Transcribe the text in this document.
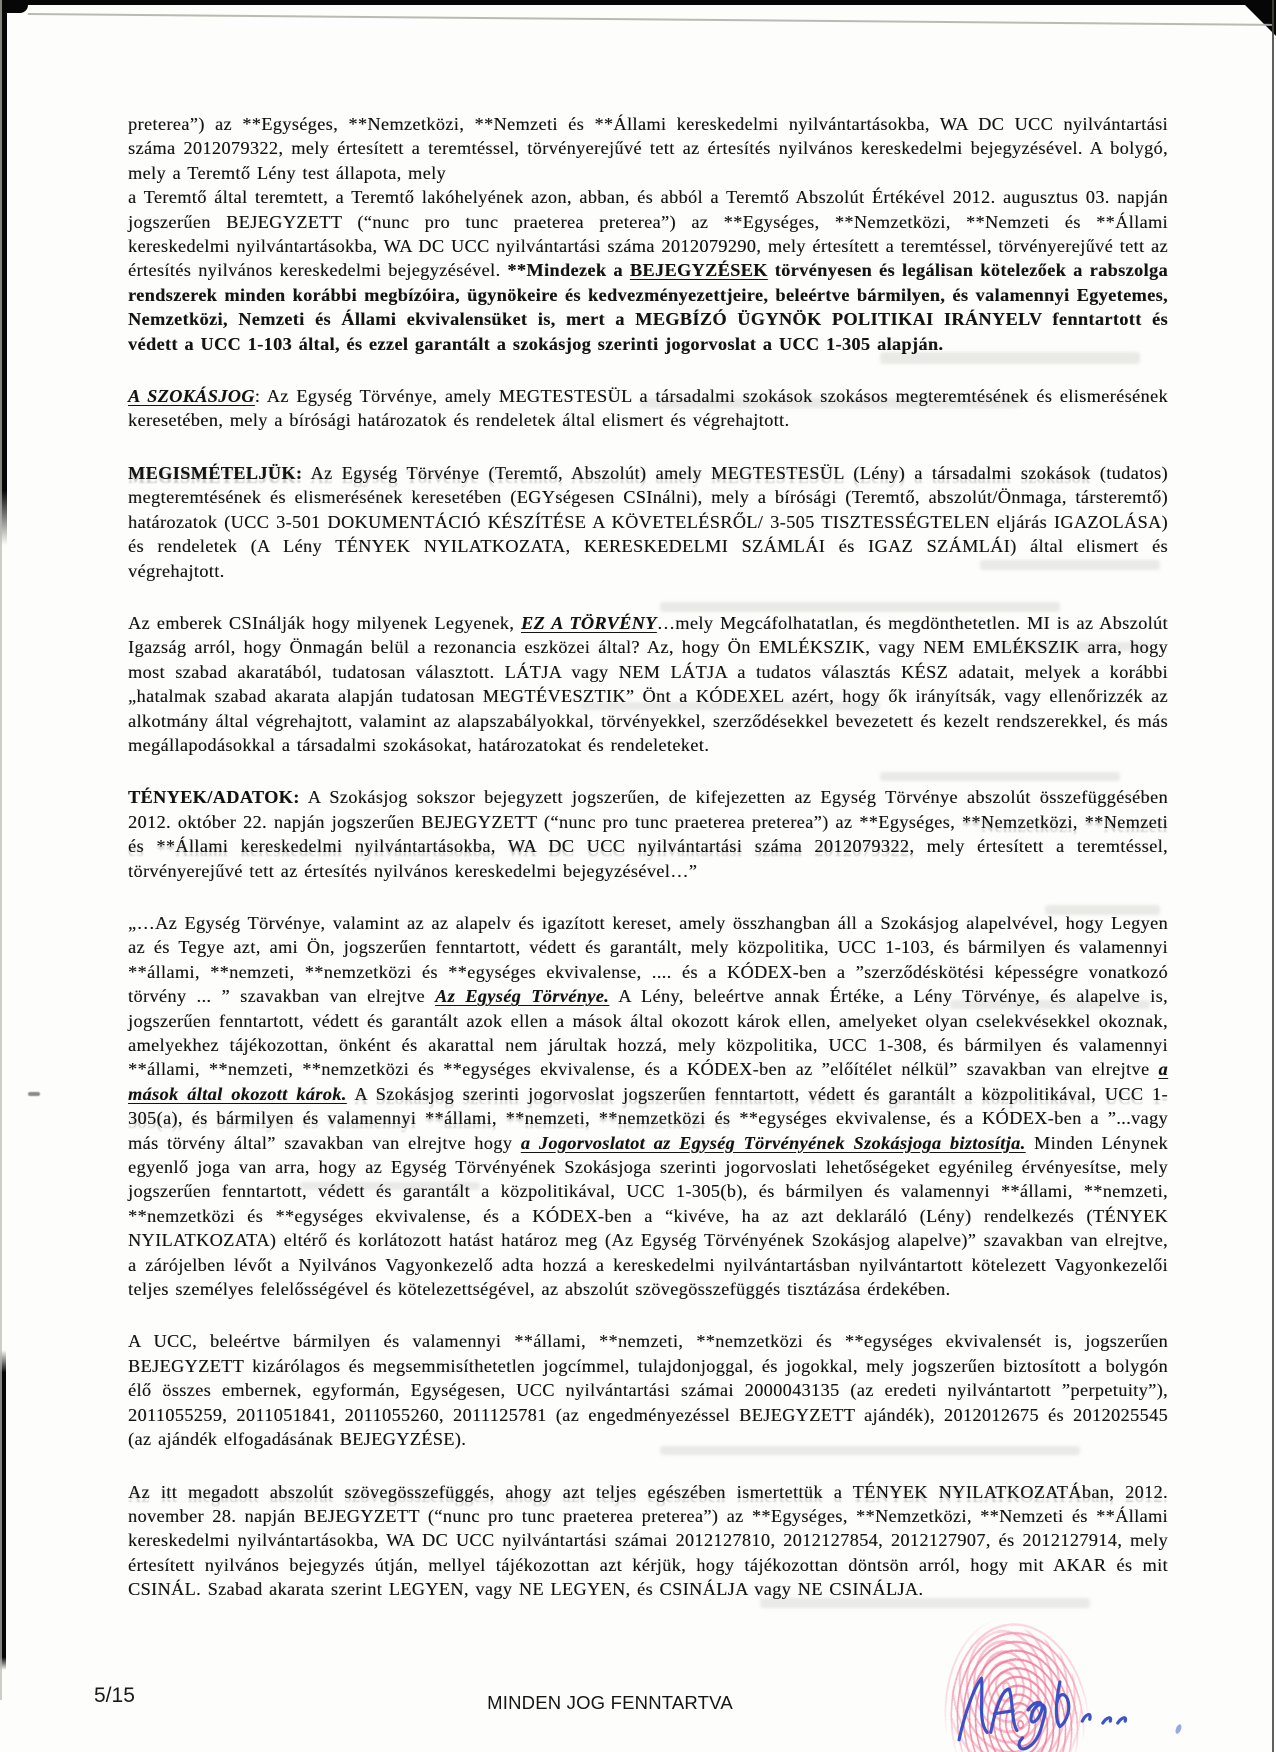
preterea”) az **Egységes, **Nemzetközi, **Nemzeti és **Állami kereskedelmi nyilvántartásokba, WA DC UCC nyilvántartási száma 2012079322, mely értesített a teremtéssel, törvényerejűvé tett az értesítés nyilvános kereskedelmi bejegyzésével. A bolygó, mely a Teremtő Lény test állapota, mely
a Teremtő által teremtett, a Teremtő lakóhelyének azon, abban, és abból a Teremtő Abszolút Értékével 2012. augusztus 03. napján jogszerűen BEJEGYZETT (“nunc pro tunc praeterea preterea”) az **Egységes, **Nemzetközi, **Nemzeti és **Állami kereskedelmi nyilvántartásokba, WA DC UCC nyilvántartási száma 2012079290, mely értesített a teremtéssel, törvényerejűvé tett az értesítés nyilvános kereskedelmi bejegyzésével. **Mindezek a BEJEGYZÉSEK törvényesen és legálisan kötelezőek a rabszolga rendszerek minden korábbi megbízóira, ügynökeire és kedvezményezettjeire, beleértve bármilyen, és valamennyi Egyetemes, Nemzetközi, Nemzeti és Állami ekvivalensüket is, mert a MEGBÍZÓ ÜGYNÖK POLITIKAI IRÁNYELV fenntartott és védett a UCC 1-103 által, és ezzel garantált a szokásjog szerinti jogorvoslat a UCC 1-305 alapján.

A SZOKÁSJOG: Az Egység Törvénye, amely MEGTESTESÜL a társadalmi szokások szokásos megteremtésének és elismerésének keresetében, mely a bírósági határozatok és rendeletek által elismert és végrehajtott.

MEGISMÉTELJÜK: Az Egység Törvénye (Teremtő, Abszolút) amely MEGTESTESÜL (Lény) a társadalmi szokások (tudatos) megteremtésének és elismerésének keresetében (EGYségesen CSInálni), mely a bírósági (Teremtő, abszolút/Önmaga, társteremtő) határozatok (UCC 3-501 DOKUMENTÁCIÓ KÉSZÍTÉSE A KÖVETELÉSRŐL/ 3-505 TISZTESSÉGTELEN eljárás IGAZOLÁSA) és rendeletek (A Lény TÉNYEK NYILATKOZATA, KERESKEDELMI SZÁMLÁI és IGAZ SZÁMLÁI) által elismert és végrehajtott.

Az emberek CSInálják hogy milyenek Legyenek, EZ A TÖRVÉNY…mely Megcáfolhatatlan, és megdönthetetlen. MI is az Abszolút Igazság arról, hogy Önmagán belül a rezonancia eszközei által? Az, hogy Ön EMLÉKSZIK, vagy NEM EMLÉKSZIK arra, hogy most szabad akaratából, tudatosan választott. LÁTJA vagy NEM LÁTJA a tudatos választás KÉSZ adatait, melyek a korábbi „hatalmak szabad akarata alapján tudatosan MEGTÉVESZTIK” Önt a KÓDEXEL azért, hogy ők irányítsák, vagy ellenőrizzék az alkotmány által végrehajtott, valamint az alapszabályokkal, törvényekkel, szerződésekkel bevezetett és kezelt rendszerekkel, és más megállapodásokkal a társadalmi szokásokat, határozatokat és rendeleteket.

TÉNYEK/ADATOK: A Szokásjog sokszor bejegyzett jogszerűen, de kifejezetten az Egység Törvénye abszolút összefüggésében 2012. október 22. napján jogszerűen BEJEGYZETT (“nunc pro tunc praeterea preterea”) az **Egységes, **Nemzetközi, **Nemzeti és **Állami kereskedelmi nyilvántartásokba, WA DC UCC nyilvántartási száma 2012079322, mely értesített a teremtéssel, törvényerejűvé tett az értesítés nyilvános kereskedelmi bejegyzésével…”

„…Az Egység Törvénye, valamint az az alapelv és igazított kereset, amely összhangban áll a Szokásjog alapelvével, hogy Legyen az és Tegye azt, ami Ön, jogszerűen fenntartott, védett és garantált, mely közpolitika, UCC 1-103, és bármilyen és valamennyi **állami, **nemzeti, **nemzetközi és **egységes ekvivalense, .... és a KÓDEX-ben a ”szerződéskötési képességre vonatkozó törvény ... ” szavakban van elrejtve Az Egység Törvénye. A Lény, beleértve annak Értéke, a Lény Törvénye, és alapelve is, jogszerűen fenntartott, védett és garantált azok ellen a mások által okozott károk ellen, amelyeket olyan cselekvésekkel okoznak, amelyekhez tájékozottan, önként és akarattal nem járultak hozzá, mely közpolitika, UCC 1-308, és bármilyen és valamennyi **állami, **nemzeti, **nemzetközi és **egységes ekvivalense, és a KÓDEX-ben az ”előítélet nélkül” szavakban van elrejtve a mások által okozott károk. A Szokásjog szerinti jogorvoslat jogszerűen fenntartott, védett és garantált a közpolitikával, UCC 1-305(a), és bármilyen és valamennyi **állami, **nemzeti, **nemzetközi és **egységes ekvivalense, és a KÓDEX-ben a ”...vagy más törvény által” szavakban van elrejtve hogy a Jogorvoslatot az Egység Törvényének Szokásjoga biztosítja. Minden Lénynek egyenlő joga van arra, hogy az Egység Törvényének Szokásjoga szerinti jogorvoslati lehetőségeket egyénileg érvényesítse, mely jogszerűen fenntartott, védett és garantált a közpolitikával, UCC 1-305(b), és bármilyen és valamennyi **állami, **nemzeti, **nemzetközi és **egységes ekvivalense, és a KÓDEX-ben a “kivéve, ha az azt deklaráló (Lény) rendelkezés (TÉNYEK NYILATKOZATA) eltérő és korlátozott hatást határoz meg (Az Egység Törvényének Szokásjog alapelve)” szavakban van elrejtve, a zárójelben lévőt a Nyilvános Vagyonkezelő adta hozzá a kereskedelmi nyilvántartásban nyilvántartott kötelezett Vagyonkezelői teljes személyes felelősségével és kötelezettségével, az abszolút szövegösszefüggés tisztázása érdekében.

A UCC, beleértve bármilyen és valamennyi **állami, **nemzeti, **nemzetközi és **egységes ekvivalensét is, jogszerűen BEJEGYZETT kizárólagos és megsemmisíthetetlen jogcímmel, tulajdonjoggal, és jogokkal, mely jogszerűen biztosított a bolygón élő összes embernek, egyformán, Egységesen, UCC nyilvántartási számai 2000043135 (az eredeti nyilvántartott ”perpetuity”), 2011055259, 2011051841, 2011055260, 2011125781 (az engedményezéssel BEJEGYZETT ajándék), 2012012675 és 2012025545 (az ajándék elfogadásának BEJEGYZÉSE).

Az itt megadott abszolút szövegösszefüggés, ahogy azt teljes egészében ismertettük a TÉNYEK NYILATKOZATÁban, 2012. november 28. napján BEJEGYZETT (“nunc pro tunc praeterea preterea”) az **Egységes, **Nemzetközi, **Nemzeti és **Állami kereskedelmi nyilvántartásokba, WA DC UCC nyilvántartási számai 2012127810, 2012127854, 2012127907, és 2012127914, mely értesített nyilvános bejegyzés útján, mellyel tájékozottan azt kérjük, hogy tájékozottan döntsön arról, hogy mit AKAR és mit CSINÁL. Szabad akarata szerint LEGYEN, vagy NE LEGYEN, és CSINÁLJA vagy NE CSINÁLJA.

5/15	MINDEN JOG FENNTARTVA
